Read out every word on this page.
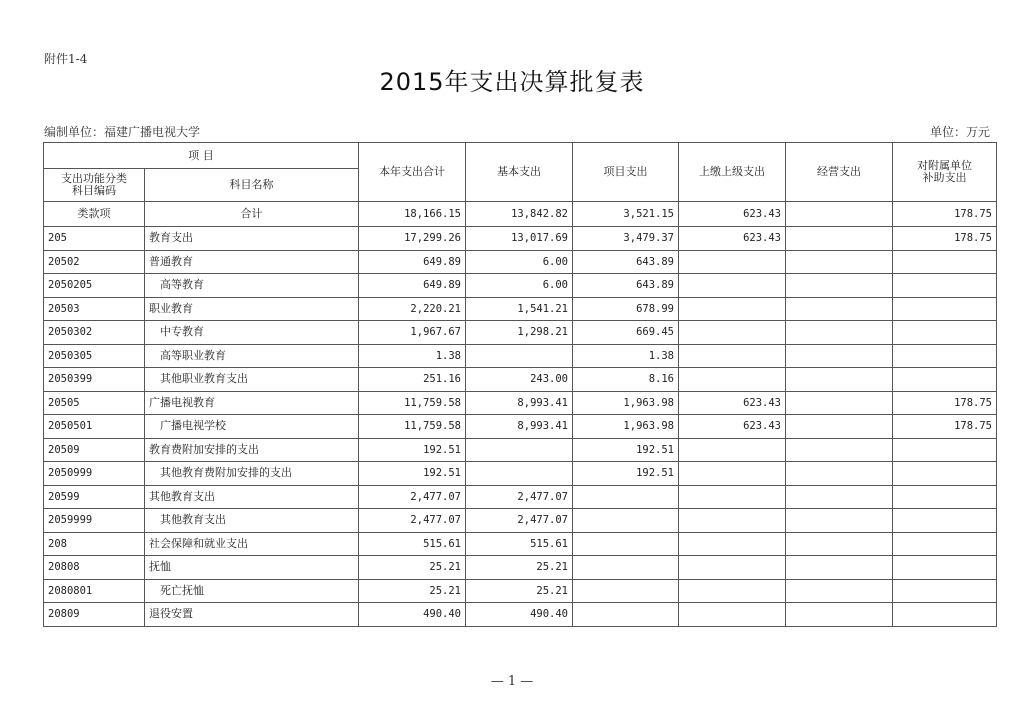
附件1-4
2015年支出决算批复表
编制单位：福建广播电视大学	单位：万元
项 目		本年支出合计	基本支出	项目支出	上缴上级支出	经营支出	对附属单位
补助支出
支出功能分类
科目编码	科目名称						
类款项	合计	18,166.15	13,842.82	3,521.15	623.43		178.75
205	教育支出	17,299.26	13,017.69	3,479.37	623.43		178.75
20502	普通教育	649.89	6.00	643.89			
2050205	　高等教育	649.89	6.00	643.89			
20503	职业教育	2,220.21	1,541.21	678.99			
2050302	　中专教育	1,967.67	1,298.21	669.45			
2050305	　高等职业教育	1.38		1.38			
2050399	　其他职业教育支出	251.16	243.00	8.16			
20505	广播电视教育	11,759.58	8,993.41	1,963.98	623.43		178.75
2050501	　广播电视学校	11,759.58	8,993.41	1,963.98	623.43		178.75
20509	教育费附加安排的支出	192.51		192.51			
2050999	　其他教育费附加安排的支出	192.51		192.51			
20599	其他教育支出	2,477.07	2,477.07				
2059999	　其他教育支出	2,477.07	2,477.07				
208	社会保障和就业支出	515.61	515.61				
20808	抚恤	25.21	25.21				
2080801	　死亡抚恤	25.21	25.21				
20809	退役安置	490.40	490.40				
— 1 —
